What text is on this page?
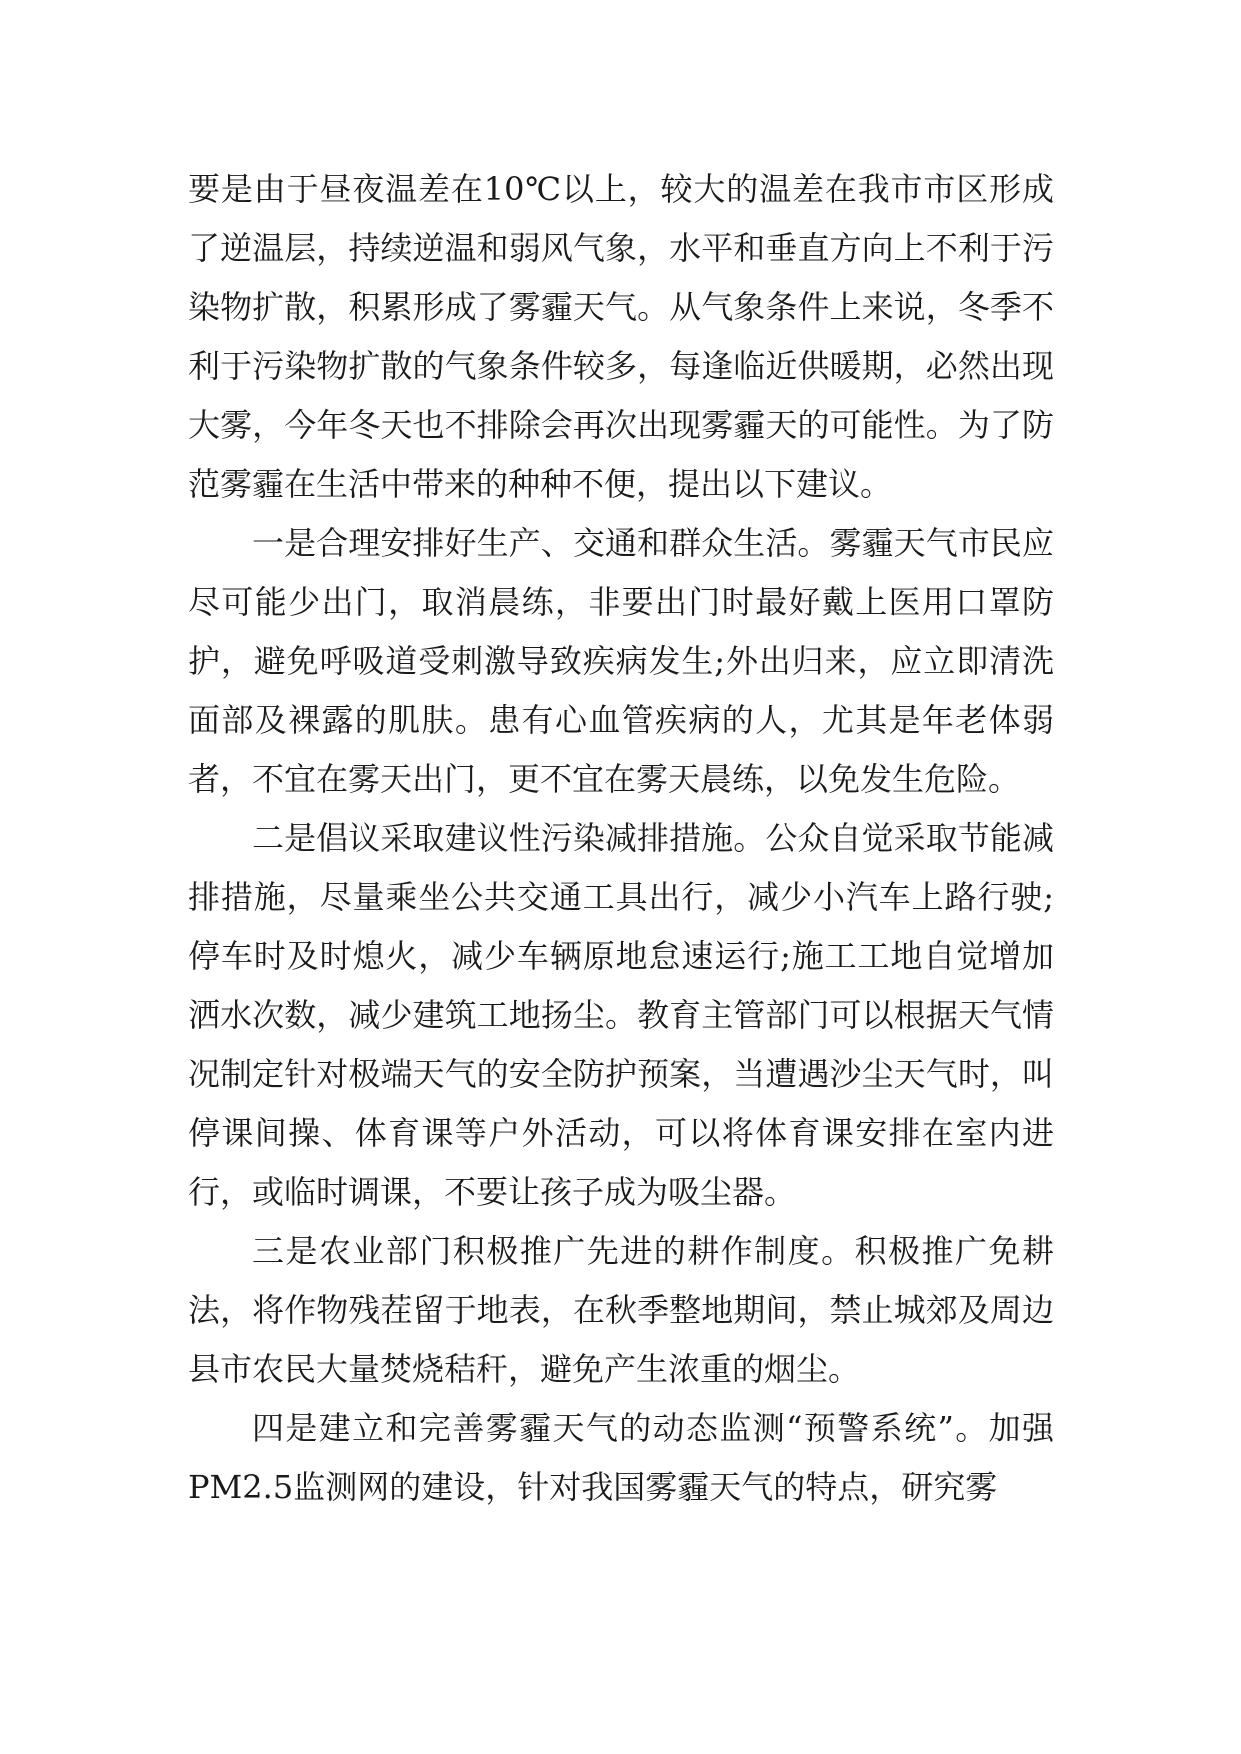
要是由于昼夜温差在10℃以上，较大的温差在我市市区形成了逆温层，持续逆温和弱风气象，水平和垂直方向上不利于污染物扩散，积累形成了雾霾天气。从气象条件上来说，冬季不利于污染物扩散的气象条件较多，每逢临近供暖期，必然出现大雾，今年冬天也不排除会再次出现雾霾天的可能性。为了防范雾霾在生活中带来的种种不便，提出以下建议。

一是合理安排好生产、交通和群众生活。雾霾天气市民应尽可能少出门，取消晨练，非要出门时最好戴上医用口罩防护，避免呼吸道受刺激导致疾病发生;外出归来，应立即清洗面部及裸露的肌肤。患有心血管疾病的人，尤其是年老体弱者，不宜在雾天出门，更不宜在雾天晨练，以免发生危险。

二是倡议采取建议性污染减排措施。公众自觉采取节能减排措施，尽量乘坐公共交通工具出行，减少小汽车上路行驶;停车时及时熄火，减少车辆原地怠速运行;施工工地自觉增加洒水次数，减少建筑工地扬尘。教育主管部门可以根据天气情况制定针对极端天气的安全防护预案，当遭遇沙尘天气时，叫停课间操、体育课等户外活动，可以将体育课安排在室内进行，或临时调课，不要让孩子成为吸尘器。

三是农业部门积极推广先进的耕作制度。积极推广免耕法，将作物残茬留于地表，在秋季整地期间，禁止城郊及周边县市农民大量焚烧秸秆，避免产生浓重的烟尘。

四是建立和完善雾霾天气的动态监测“预警系统”。加强PM2.5监测网的建设，针对我国雾霾天气的特点，研究雾
